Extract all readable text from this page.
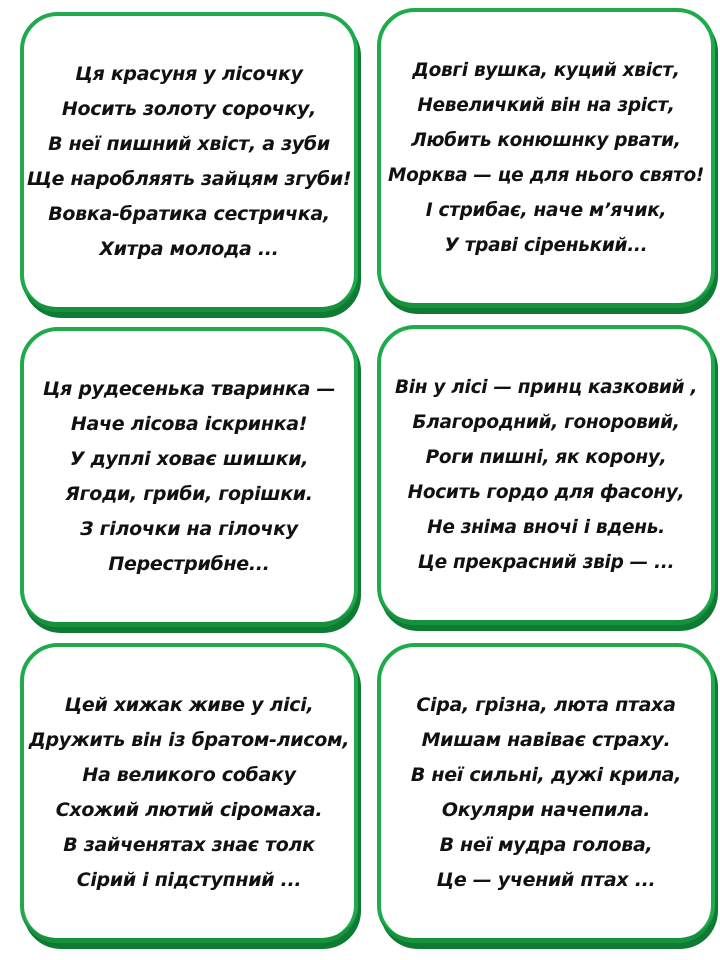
Ця красуня у лісочку
Носить золоту сорочку,
В неї пишний хвіст, а зуби
Ще наробляять зайцям згуби!
Вовка-братика сестричка,
Хитра молода ...
Довгі вушка, куций хвіст,
Невеличкий він на зріст,
Любить конюшнку рвати,
Морква — це для нього свято!
І стрибає, наче м’ячик,
У траві сіренький...
Ця рудесенька тваринка —
Наче лісова іскринка!
У дуплі ховає шишки,
Ягоди, гриби, горішки.
З гілочки на гілочку
Перестрибне...
Він у лісі — принц казковий ,
Благородний, гоноровий,
Роги пишні, як корону,
Носить гордо для фасону,
Не зніма вночі і вдень.
Це прекрасний звір — ...
Цей хижак живе у лісі,
Дружить він із братом-лисом,
На великого собаку
Схожий лютий сіромаха.
В зайченятах знає толк
Сірий і підступний ...
Сіра, грізна, люта птаха
Мишам навіває страху.
В неї сильні, дужі крила,
Окуляри начепила.
В неї мудра голова,
Це — учений птах ...
